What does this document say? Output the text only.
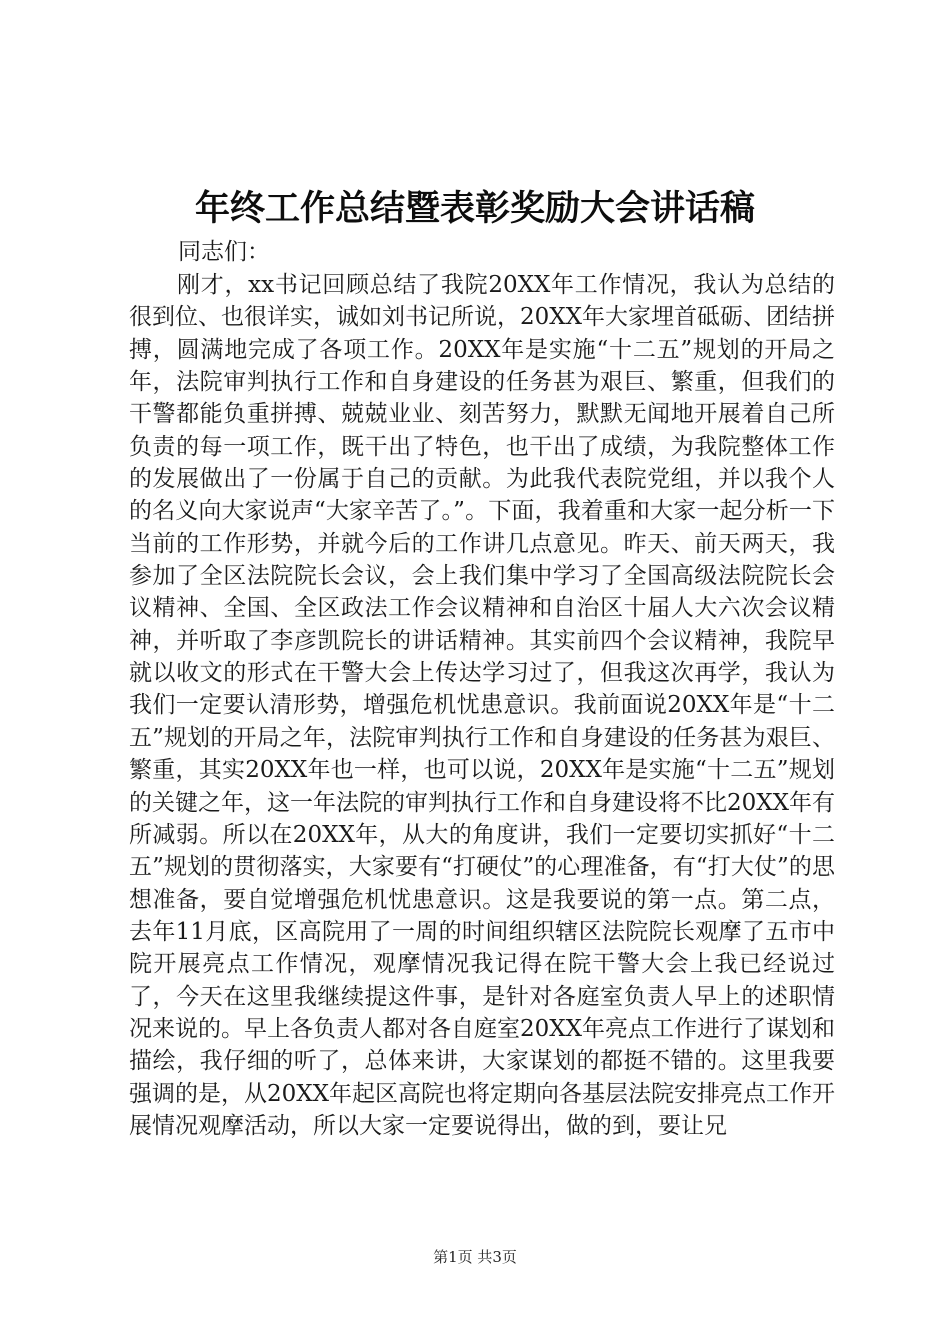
年终工作总结暨表彰奖励大会讲话稿
同志们：
刚才，xx书记回顾总结了我院20XX年工作情况，我认为总结的很到位、也很详实，诚如刘书记所说，20XX年大家埋首砥砺、团结拼搏，圆满地完成了各项工作。20XX年是实施“十二五”规划的开局之年，法院审判执行工作和自身建设的任务甚为艰巨、繁重，但我们的干警都能负重拼搏、兢兢业业、刻苦努力，默默无闻地开展着自己所负责的每一项工作，既干出了特色，也干出了成绩，为我院整体工作的发展做出了一份属于自己的贡献。为此我代表院党组，并以我个人的名义向大家说声“大家辛苦了。”。下面，我着重和大家一起分析一下当前的工作形势，并就今后的工作讲几点意见。昨天、前天两天，我参加了全区法院院长会议，会上我们集中学习了全国高级法院院长会议精神、全国、全区政法工作会议精神和自治区十届人大六次会议精神，并听取了李彦凯院长的讲话精神。其实前四个会议精神，我院早就以收文的形式在干警大会上传达学习过了，但我这次再学，我认为我们一定要认清形势，增强危机忧患意识。我前面说20XX年是“十二五”规划的开局之年，法院审判执行工作和自身建设的任务甚为艰巨、繁重，其实20XX年也一样，也可以说，20XX年是实施“十二五”规划的关键之年，这一年法院的审判执行工作和自身建设将不比20XX年有所减弱。所以在20XX年，从大的角度讲，我们一定要切实抓好“十二五”规划的贯彻落实，大家要有“打硬仗”的心理准备，有“打大仗”的思想准备，要自觉增强危机忧患意识。这是我要说的第一点。第二点，去年11月底，区高院用了一周的时间组织辖区法院院长观摩了五市中院开展亮点工作情况，观摩情况我记得在院干警大会上我已经说过了，今天在这里我继续提这件事，是针对各庭室负责人早上的述职情况来说的。早上各负责人都对各自庭室20XX年亮点工作进行了谋划和描绘，我仔细的听了，总体来讲，大家谋划的都挺不错的。这里我要强调的是，从20XX年起区高院也将定期向各基层法院安排亮点工作开展情况观摩活动，所以大家一定要说得出，做的到，要让兄
第1页 共3页
